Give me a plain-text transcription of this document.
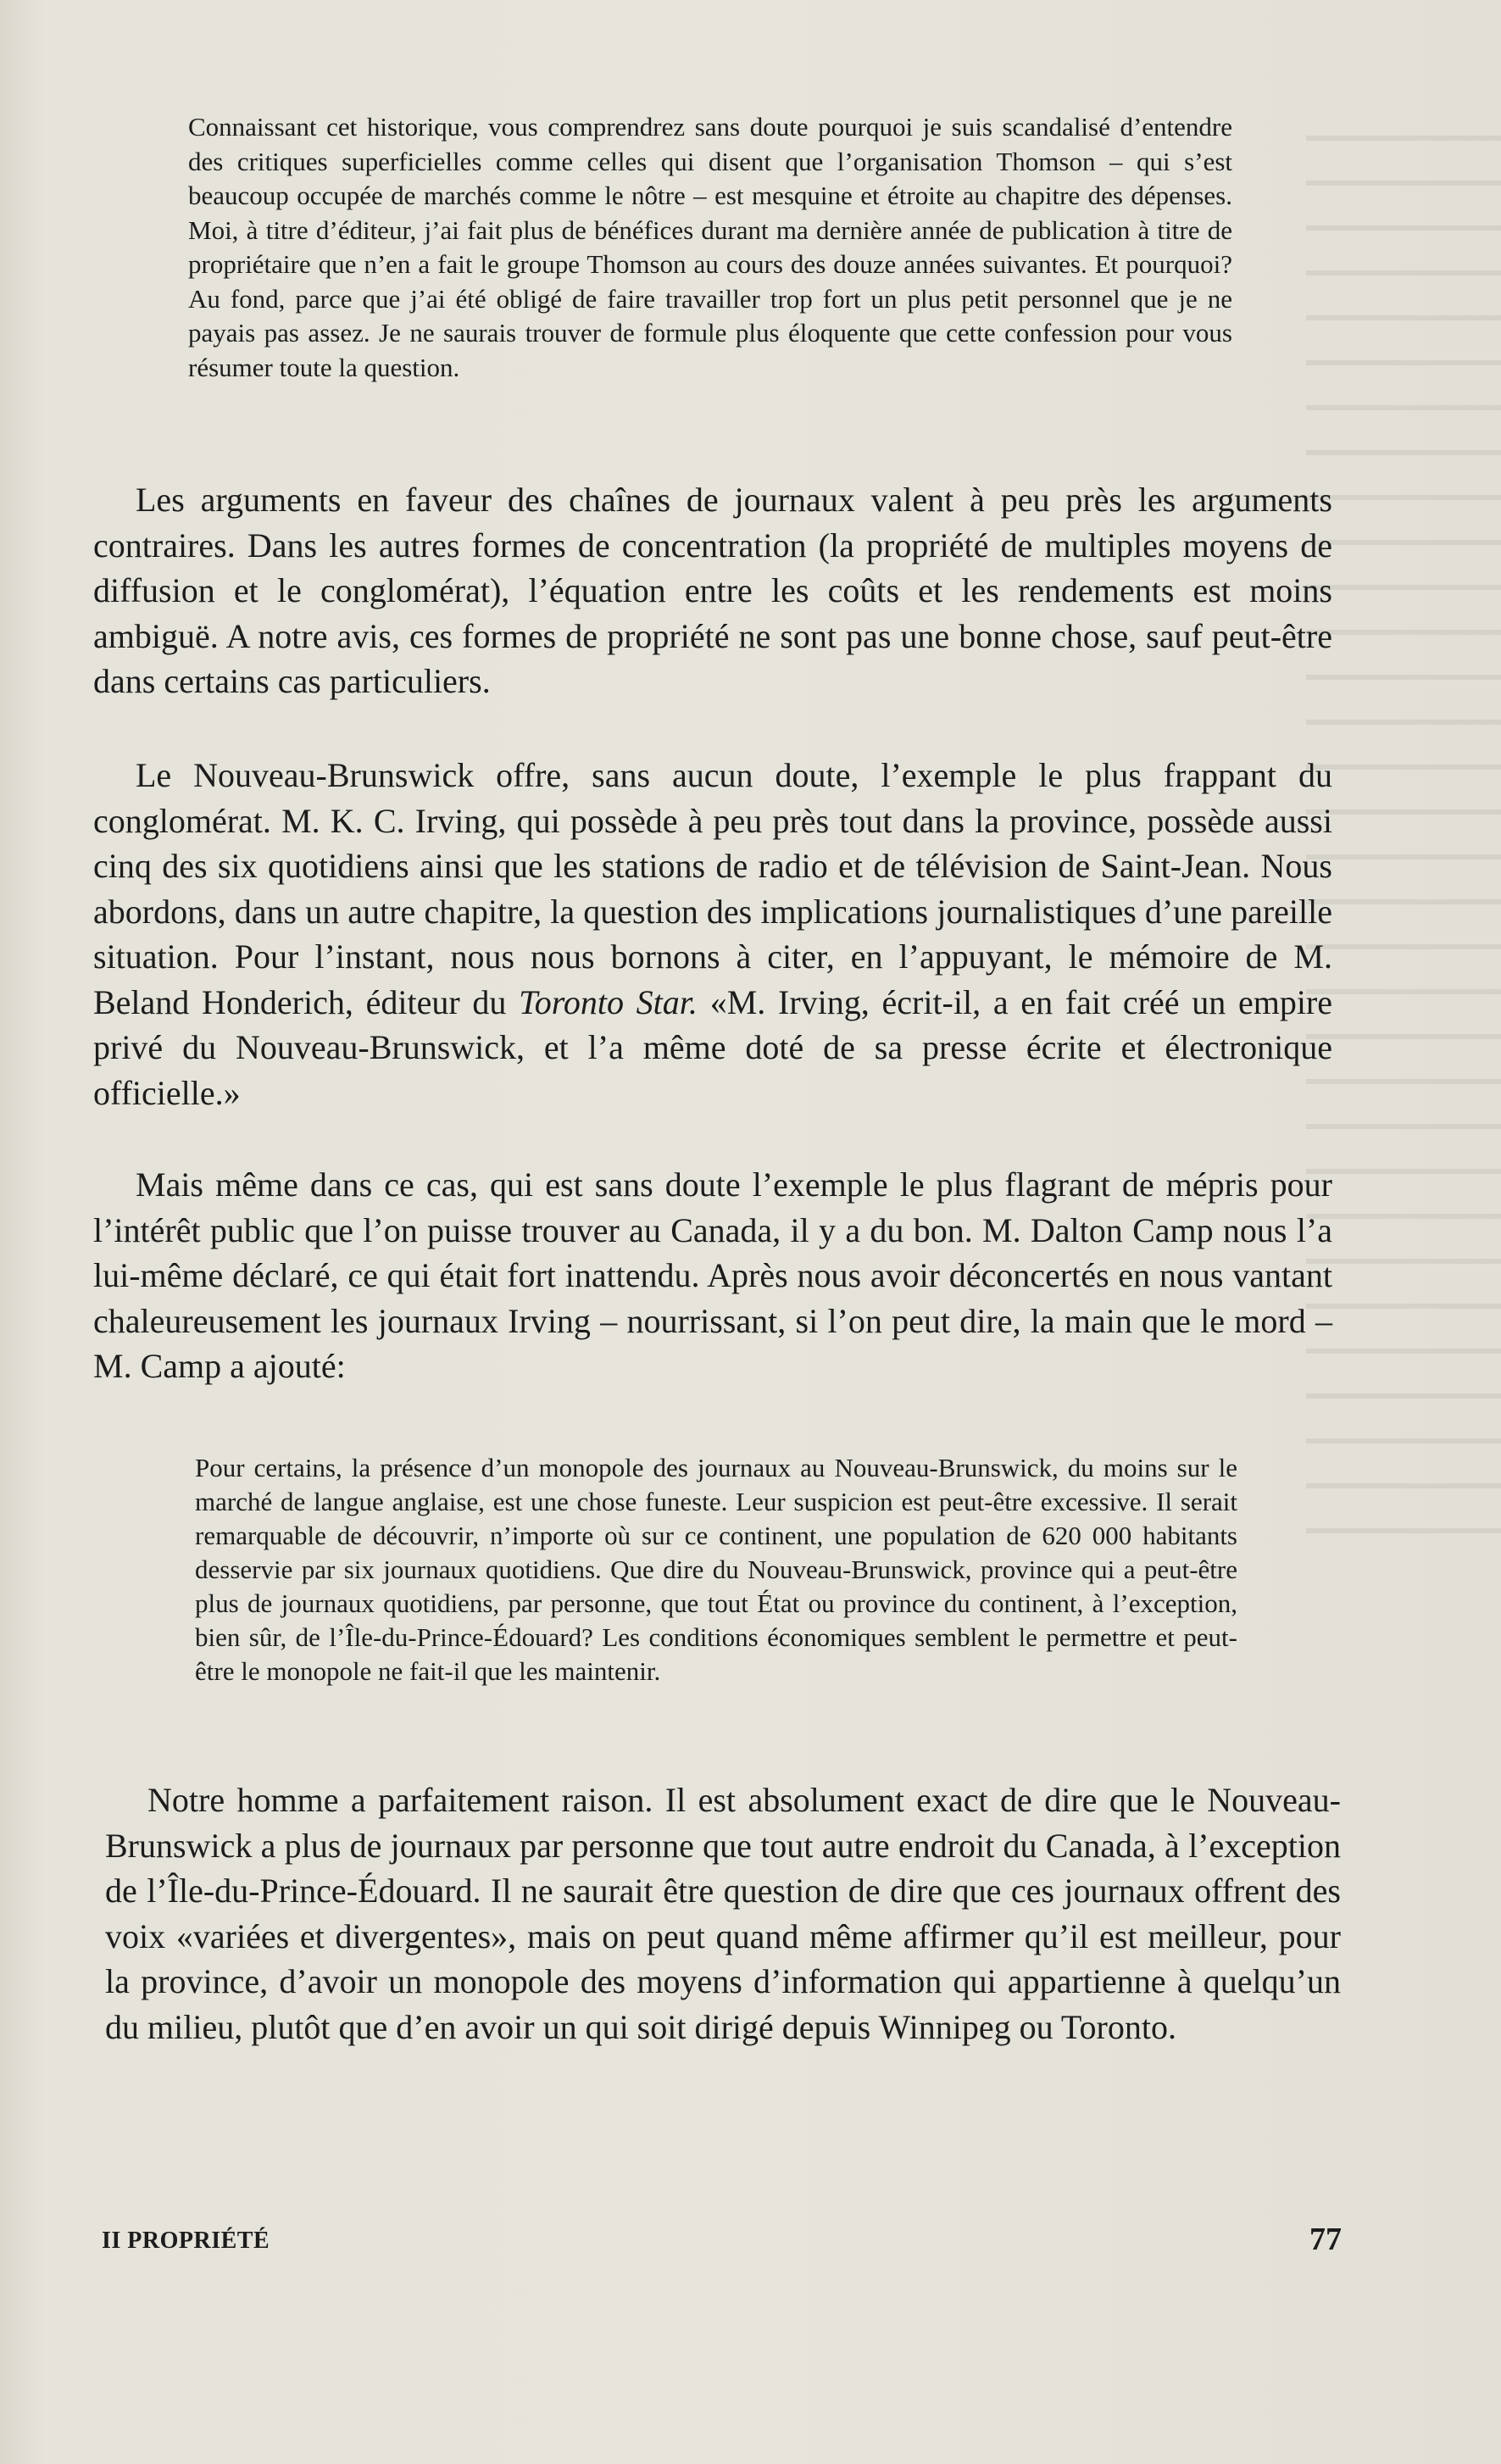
Connaissant cet historique, vous comprendrez sans doute pourquoi je suis scandalisé d’entendre des critiques superficielles comme celles qui disent que l’organisation Thomson – qui s’est beaucoup occupée de marchés comme le nôtre – est mesquine et étroite au chapitre des dépenses. Moi, à titre d’éditeur, j’ai fait plus de bénéfices durant ma dernière année de publication à titre de propriétaire que n’en a fait le groupe Thomson au cours des douze années suivantes. Et pourquoi? Au fond, parce que j’ai été obligé de faire travailler trop fort un plus petit personnel que je ne payais pas assez. Je ne saurais trouver de formule plus éloquente que cette confession pour vous résumer toute la question.

Les arguments en faveur des chaînes de journaux valent à peu près les arguments contraires. Dans les autres formes de concentration (la propriété de multiples moyens de diffusion et le conglomérat), l’équation entre les coûts et les rendements est moins ambiguë. A notre avis, ces formes de propriété ne sont pas une bonne chose, sauf peut-être dans certains cas particuliers.

Le Nouveau-Brunswick offre, sans aucun doute, l’exemple le plus frappant du conglomérat. M. K. C. Irving, qui possède à peu près tout dans la province, possède aussi cinq des six quotidiens ainsi que les stations de radio et de télévision de Saint-Jean. Nous abordons, dans un autre chapitre, la question des implications journalistiques d’une pareille situation. Pour l’instant, nous nous bornons à citer, en l’appuyant, le mémoire de M. Beland Honderich, éditeur du Toronto Star. «M. Irving, écrit-il, a en fait créé un empire privé du Nouveau-Brunswick, et l’a même doté de sa presse écrite et électronique officielle.»

Mais même dans ce cas, qui est sans doute l’exemple le plus flagrant de mépris pour l’intérêt public que l’on puisse trouver au Canada, il y a du bon. M. Dalton Camp nous l’a lui-même déclaré, ce qui était fort inattendu. Après nous avoir déconcertés en nous vantant chaleureusement les journaux Irving – nourrissant, si l’on peut dire, la main que le mord – M. Camp a ajouté:

Pour certains, la présence d’un monopole des journaux au Nouveau-Brunswick, du moins sur le marché de langue anglaise, est une chose funeste. Leur suspicion est peut-être excessive. Il serait remarquable de découvrir, n’importe où sur ce continent, une population de 620 000 habitants desservie par six journaux quotidiens. Que dire du Nouveau-Brunswick, province qui a peut-être plus de journaux quotidiens, par personne, que tout État ou province du continent, à l’exception, bien sûr, de l’Île-du-Prince-Édouard? Les conditions économiques semblent le permettre et peut-être le monopole ne fait-il que les maintenir.

Notre homme a parfaitement raison. Il est absolument exact de dire que le Nouveau-Brunswick a plus de journaux par personne que tout autre endroit du Canada, à l’exception de l’Île-du-Prince-Édouard. Il ne saurait être question de dire que ces journaux offrent des voix «variées et divergentes», mais on peut quand même affirmer qu’il est meilleur, pour la province, d’avoir un monopole des moyens d’information qui appartienne à quelqu’un du milieu, plutôt que d’en avoir un qui soit dirigé depuis Winnipeg ou Toronto.

II PROPRIÉTÉ	77
